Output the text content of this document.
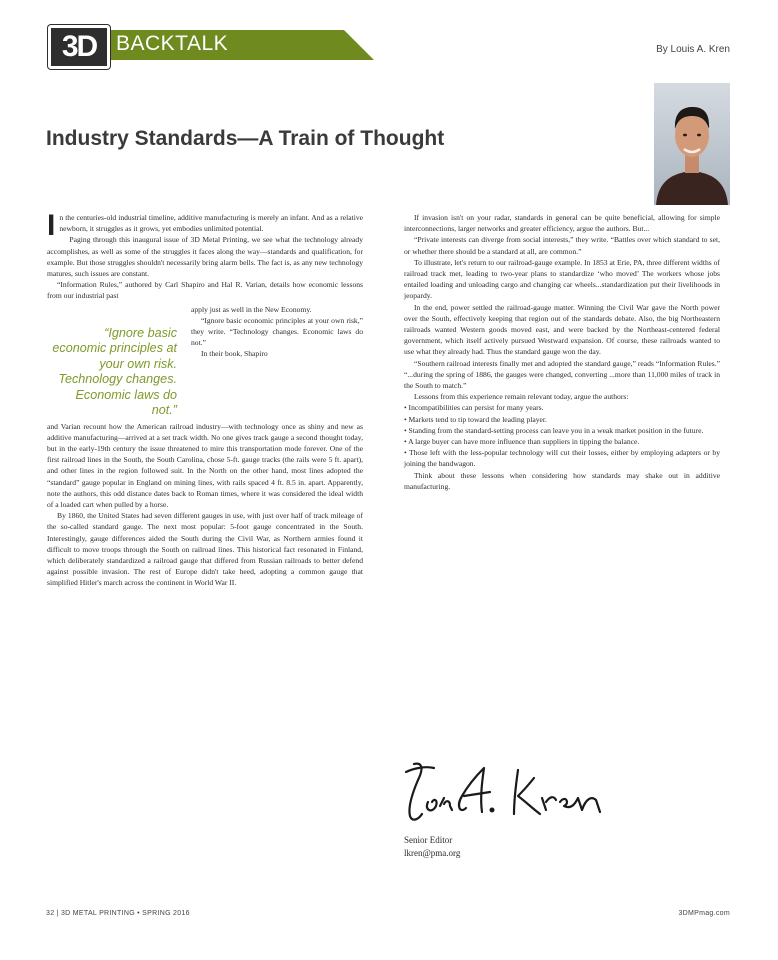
3D BACKTALK	By Louis A. Kren
Industry Standards—A Train of Thought

In the centuries-old industrial timeline, additive manufacturing is merely an infant. And as a relative newborn, it struggles as it grows, yet embodies unlimited potential.

Paging through this inaugural issue of 3D Metal Printing, we see what the technology already accomplishes, as well as some of the struggles it faces along the way—standards and qualification, for example. But those struggles shouldn't necessarily bring alarm bells. The fact is, as any new technology matures, such issues are constant.

“Information Rules,” authored by Carl Shapiro and Hal R. Varian, details how economic lessons from our industrial past

“Ignore basic economic principles at your own risk. Technology changes. Economic laws do not.”

apply just as well in the New Economy.

“Ignore basic economic principles at your own risk,” they write. “Technology changes. Economic laws do not.”

In their book, Shapiro

and Varian recount how the American railroad industry—with technology once as shiny and new as additive manufacturing—arrived at a set track width. No one gives track gauge a second thought today, but in the early-19th century the issue threatened to mire this transportation mode forever. One of the first railroad lines in the South, the South Carolina, chose 5-ft. gauge tracks (the rails were 5 ft. apart), and other lines in the region followed suit. In the North on the other hand, most lines adopted the “standard” gauge popular in England on mining lines, with rails spaced 4 ft. 8.5 in. apart. Apparently, note the authors, this odd distance dates back to Roman times, where it was considered the ideal width of a loaded cart when pulled by a horse.

By 1860, the United States had seven different gauges in use, with just over half of track mileage of the so-called standard gauge. The next most popular: 5-foot gauge concentrated in the South. Interestingly, gauge differences aided the South during the Civil War, as Northern armies found it difficult to move troops through the South on railroad lines. This historical fact resonated in Finland, which deliberately standardized a railroad gauge that differed from Russian railroads to better defend against possible invasion. The rest of Europe didn't take heed, adopting a common gauge that simplified Hitler's march across the continent in World War II.

If invasion isn't on your radar, standards in general can be quite beneficial, allowing for simple interconnections, larger networks and greater efficiency, argue the authors. But...

“Private interests can diverge from social interests,” they write. “Battles over which standard to set, or whether there should be a standard at all, are common.”

To illustrate, let's return to our railroad-gauge example. In 1853 at Erie, PA, three different widths of railroad track met, leading to two-year plans to standardize ‘who moved’ The workers whose jobs entailed loading and unloading cargo and changing car wheels...standardization put their livelihoods in jeopardy.

In the end, power settled the railroad-gauge matter. Winning the Civil War gave the North power over the South, effectively keeping that region out of the standards debate. Also, the big Northeastern railroads wanted Western goods moved east, and were backed by the Northeast-centered federal government, which itself actively pursued Westward expansion. Of course, these railroads wanted to use what they already had. Thus the standard gauge won the day.

“Southern railroad interests finally met and adopted the standard gauge,” reads “Information Rules.” “...during the spring of 1886, the gauges were changed, converting ...more than 11,000 miles of track in the South to match.”

Lessons from this experience remain relevant today, argue the authors:

• Incompatibilities can persist for many years.

• Markets tend to tip toward the leading player.

• Standing from the standard-setting process can leave you in a weak market position in the future.

• A large buyer can have more influence than suppliers in tipping the balance.

• Those left with the less-popular technology will cut their losses, either by employing adapters or by joining the bandwagon.

Think about these lessons when considering how standards may shake out in additive manufacturing.

Senior Editor
lkren@pma.org
32 | 3D METAL PRINTING • SPRING 2016	3DMPmag.com
